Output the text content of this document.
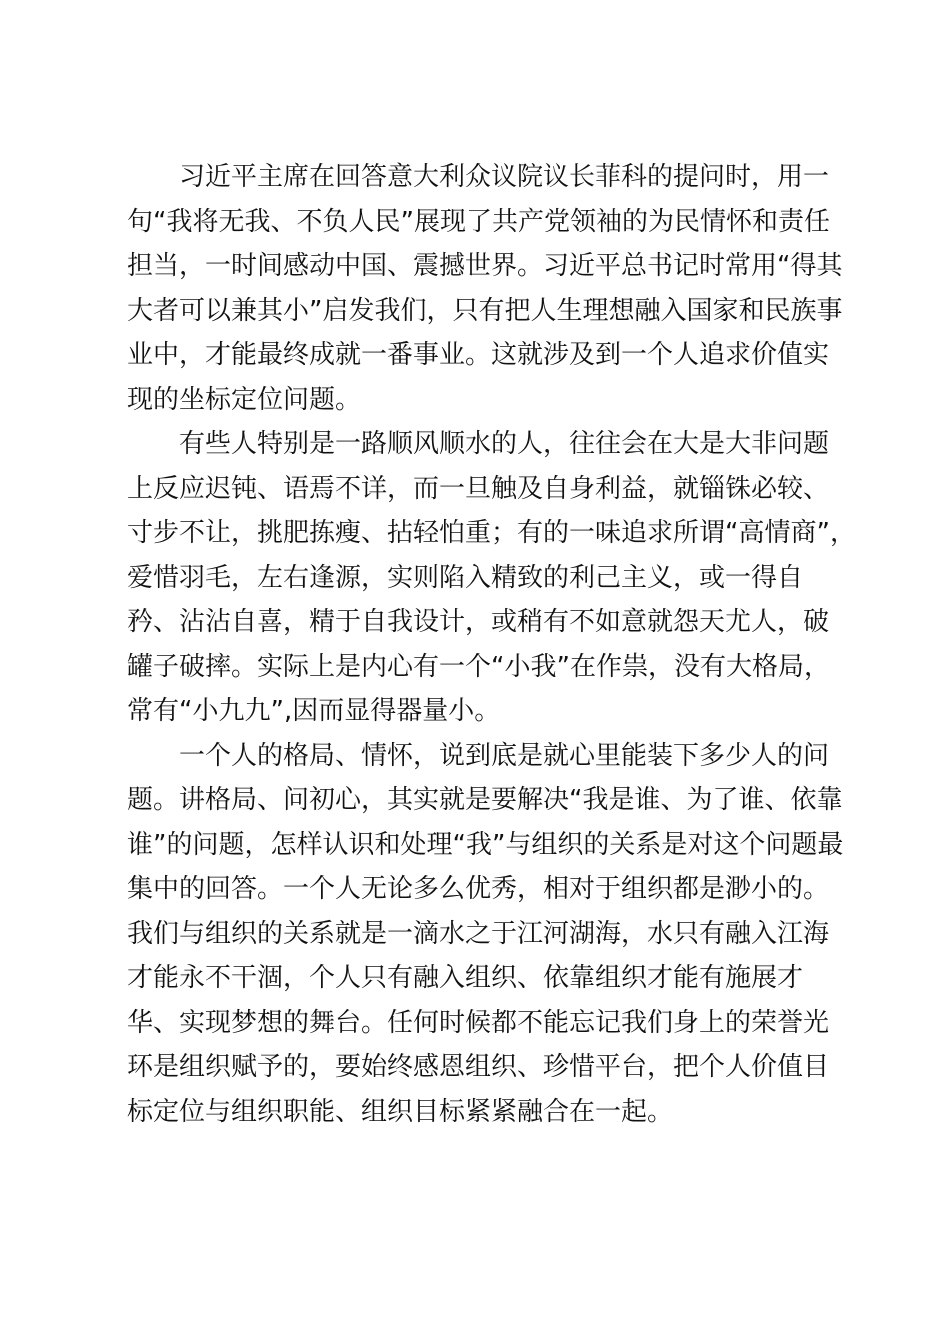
习近平主席在回答意大利众议院议长菲科的提问时，用一
句“我将无我、不负人民”展现了共产党领袖的为民情怀和责任
担当，一时间感动中国、震撼世界。习近平总书记时常用“得其
大者可以兼其小”启发我们，只有把人生理想融入国家和民族事
业中，才能最终成就一番事业。这就涉及到一个人追求价值实
现的坐标定位问题。
有些人特别是一路顺风顺水的人，往往会在大是大非问题
上反应迟钝、语焉不详，而一旦触及自身利益，就锱铢必较、
寸步不让，挑肥拣瘦、拈轻怕重；有的一味追求所谓“高情商”，
爱惜羽毛，左右逢源，实则陷入精致的利己主义，或一得自
矜、沾沾自喜，精于自我设计，或稍有不如意就怨天尤人，破
罐子破摔。实际上是内心有一个“小我”在作祟，没有大格局，
常有“小九九”,因而显得器量小。
一个人的格局、情怀，说到底是就心里能装下多少人的问
题。讲格局、问初心，其实就是要解决“我是谁、为了谁、依靠
谁”的问题，怎样认识和处理“我”与组织的关系是对这个问题最
集中的回答。一个人无论多么优秀，相对于组织都是渺小的。
我们与组织的关系就是一滴水之于江河湖海，水只有融入江海
才能永不干涸，个人只有融入组织、依靠组织才能有施展才
华、实现梦想的舞台。任何时候都不能忘记我们身上的荣誉光
环是组织赋予的，要始终感恩组织、珍惜平台，把个人价值目
标定位与组织职能、组织目标紧紧融合在一起。
